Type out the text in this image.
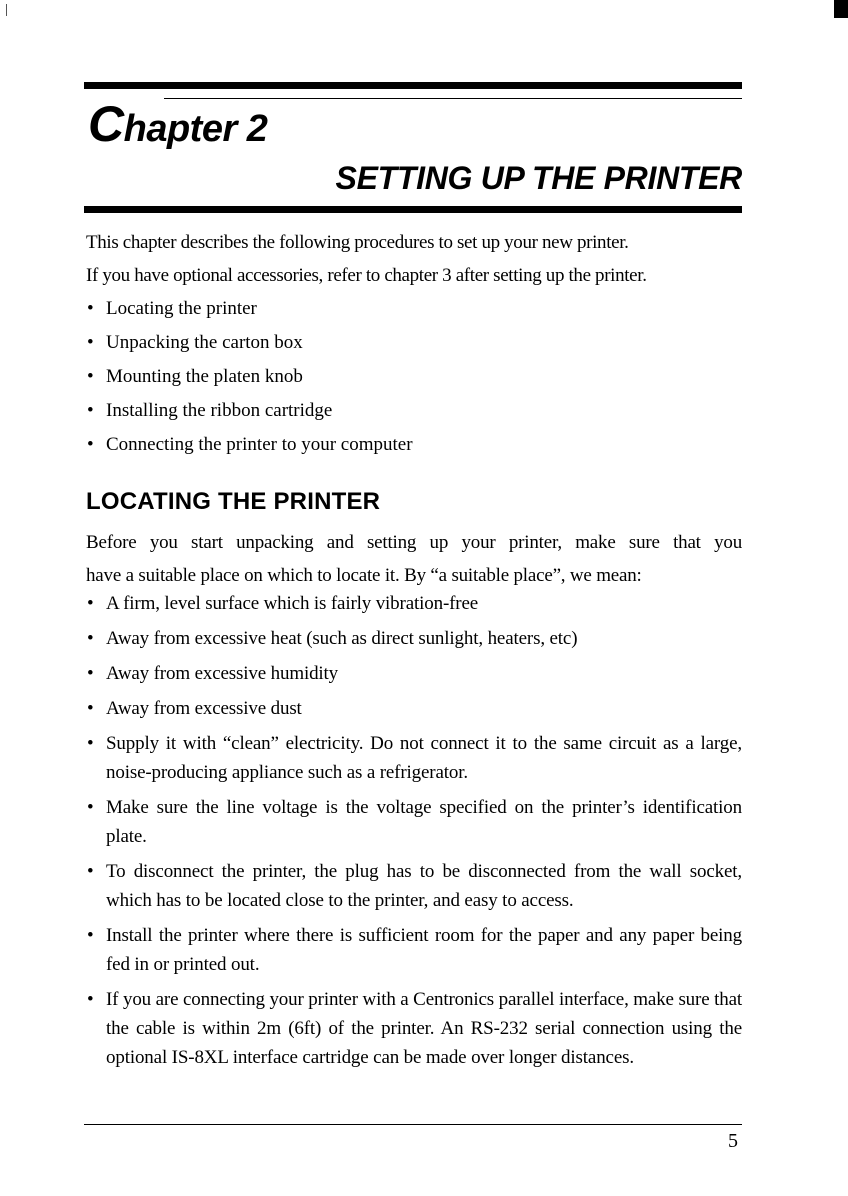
Chapter 2
SETTING UP THE PRINTER

This chapter describes the following procedures to set up your new printer.

If you have optional accessories, refer to chapter 3 after setting up the printer.

• Locating the printer
• Unpacking the carton box
• Mounting the platen knob
• Installing the ribbon cartridge
• Connecting the printer to your computer
LOCATING THE PRINTER

Before you start unpacking and setting up your printer, make sure that you

have a suitable place on which to locate it. By “a suitable place”, we mean:

• A firm, level surface which is fairly vibration-free
• Away from excessive heat (such as direct sunlight, heaters, etc)
• Away from excessive humidity
• Away from excessive dust
• Supply it with “clean” electricity. Do not connect it to the same circuit as a large, noise-producing appliance such as a refrigerator.
• Make sure the line voltage is the voltage specified on the printer’s identification plate.
• To disconnect the printer, the plug has to be disconnected from the wall socket, which has to be located close to the printer, and easy to access.
• Install the printer where there is sufficient room for the paper and any paper being fed in or printed out.
• If you are connecting your printer with a Centronics parallel interface, make sure that the cable is within 2m (6ft) of the printer. An RS-232 serial connection using the optional IS-8XL interface cartridge can be made over longer distances.
5
